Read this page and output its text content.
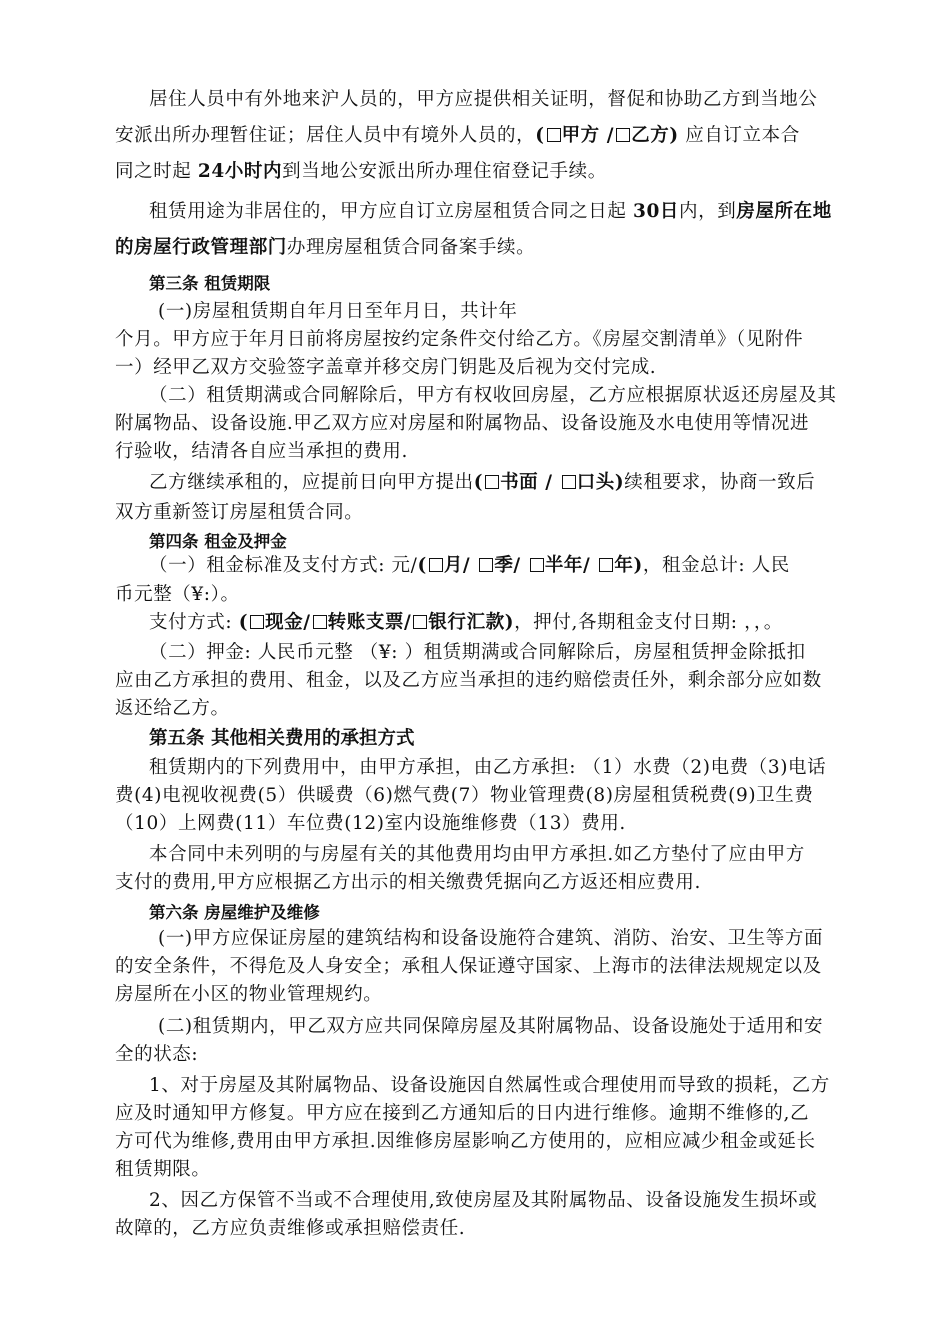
居住人员中有外地来沪人员的，甲方应提供相关证明，督促和协助乙方到当地公

安派出所办理暂住证；居住人员中有境外人员的，( 甲方 / 乙方) 应自订立本合

同之时起 24小时内到当地公安派出所办理住宿登记手续。

租赁用途为非居住的，甲方应自订立房屋租赁合同之日起 30日内，到房屋所在地

的房屋行政管理部门办理房屋租赁合同备案手续。

第三条 租赁期限

(一)房屋租赁期自年月日至年月日，共计年

个月。甲方应于年月日前将房屋按约定条件交付给乙方。《房屋交割清单》（见附件

一）经甲乙双方交验签字盖章并移交房门钥匙及后视为交付完成.

（二）租赁期满或合同解除后，甲方有权收回房屋，乙方应根据原状返还房屋及其

附属物品、设备设施.甲乙双方应对房屋和附属物品、设备设施及水电使用等情况进

行验收，结清各自应当承担的费用.

乙方继续承租的，应提前日向甲方提出( 书面 / 口头)续租要求，协商一致后

双方重新签订房屋租赁合同。

第四条 租金及押金

（一）租金标准及支付方式: 元/( 月/ 季/ 半年/ 年)，租金总计: 人民

币元整（¥:）。

支付方式: ( 现金/ 转账支票/ 银行汇款)，押付,各期租金支付日期: ，，。

（二）押金: 人民币元整 （¥: ）租赁期满或合同解除后，房屋租赁押金除抵扣

应由乙方承担的费用、租金，以及乙方应当承担的违约赔偿责任外，剩余部分应如数

返还给乙方。

第五条 其他相关费用的承担方式

租赁期内的下列费用中，由甲方承担，由乙方承担: （1）水费（2)电费（3)电话

费(4)电视收视费(5）供暖费（6)燃气费(7）物业管理费(8)房屋租赁税费(9)卫生费

（10）上网费(11）车位费(12)室内设施维修费（13）费用.

本合同中未列明的与房屋有关的其他费用均由甲方承担.如乙方垫付了应由甲方

支付的费用,甲方应根据乙方出示的相关缴费凭据向乙方返还相应费用.

第六条 房屋维护及维修

(一)甲方应保证房屋的建筑结构和设备设施符合建筑、消防、治安、卫生等方面

的安全条件，不得危及人身安全；承租人保证遵守国家、上海市的法律法规规定以及

房屋所在小区的物业管理规约。

(二)租赁期内，甲乙双方应共同保障房屋及其附属物品、设备设施处于适用和安

全的状态:

1、对于房屋及其附属物品、设备设施因自然属性或合理使用而导致的损耗，乙方

应及时通知甲方修复。甲方应在接到乙方通知后的日内进行维修。逾期不维修的,乙

方可代为维修,费用由甲方承担.因维修房屋影响乙方使用的，应相应减少租金或延长

租赁期限。

2、因乙方保管不当或不合理使用,致使房屋及其附属物品、设备设施发生损坏或

故障的，乙方应负责维修或承担赔偿责任.
